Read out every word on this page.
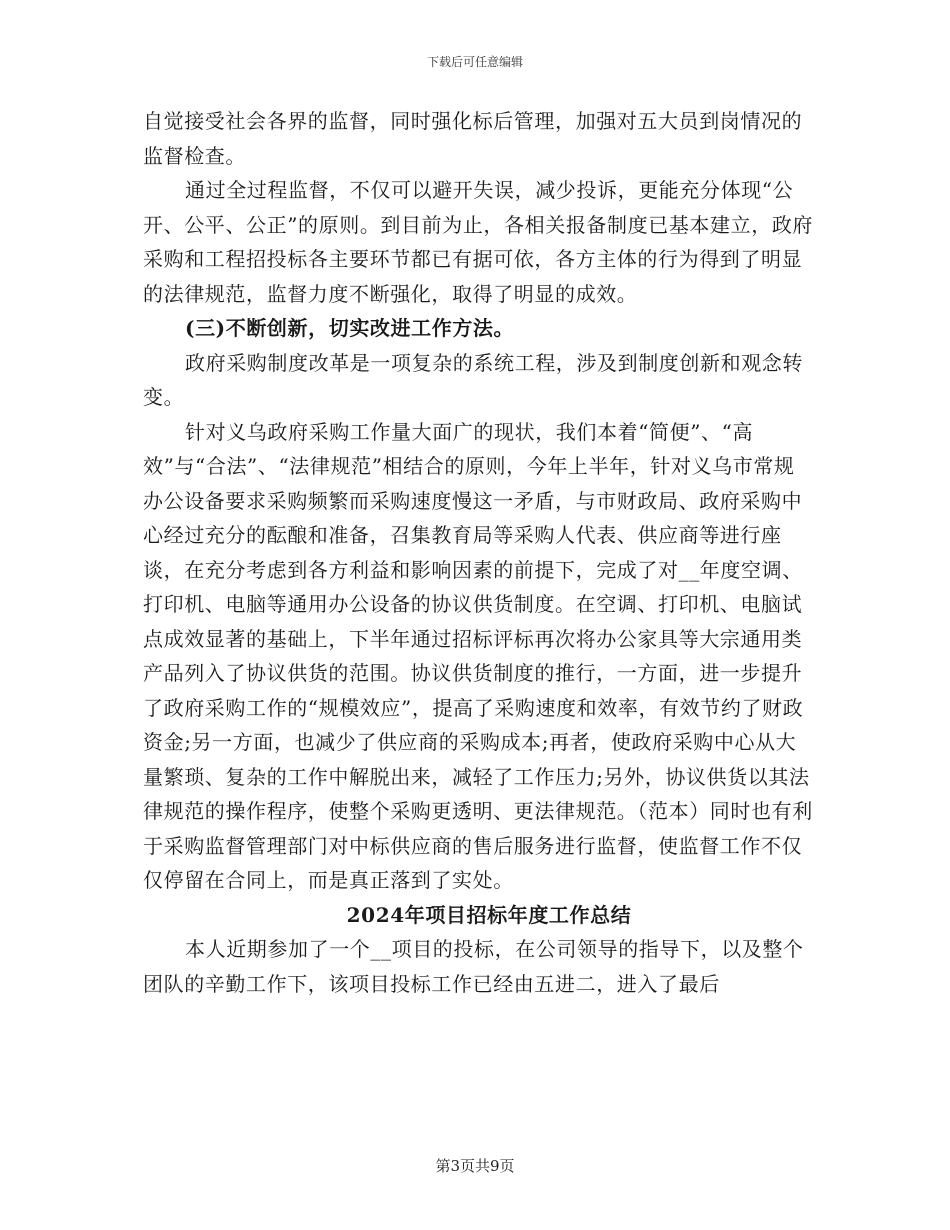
下载后可任意编辑

自觉接受社会各界的监督，同时强化标后管理，加强对五大员到岗情况的监督检查。

通过全过程监督，不仅可以避开失误，减少投诉，更能充分体现“公开、公平、公正”的原则。到目前为止，各相关报备制度已基本建立，政府采购和工程招投标各主要环节都已有据可依，各方主体的行为得到了明显的法律规范，监督力度不断强化，取得了明显的成效。

(三)不断创新，切实改进工作方法。

政府采购制度改革是一项复杂的系统工程，涉及到制度创新和观念转变。

针对义乌政府采购工作量大面广的现状，我们本着“简便”、“高效”与“合法”、“法律规范”相结合的原则，今年上半年，针对义乌市常规办公设备要求采购频繁而采购速度慢这一矛盾，与市财政局、政府采购中心经过充分的酝酿和准备，召集教育局等采购人代表、供应商等进行座谈，在充分考虑到各方利益和影响因素的前提下，完成了对__年度空调、打印机、电脑等通用办公设备的协议供货制度。在空调、打印机、电脑试点成效显著的基础上，下半年通过招标评标再次将办公家具等大宗通用类产品列入了协议供货的范围。协议供货制度的推行，一方面，进一步提升了政府采购工作的“规模效应”，提高了采购速度和效率，有效节约了财政资金;另一方面，也减少了供应商的采购成本;再者，使政府采购中心从大量繁琐、复杂的工作中解脱出来，减轻了工作压力;另外，协议供货以其法律规范的操作程序，使整个采购更透明、更法律规范。（范本）同时也有利于采购监督管理部门对中标供应商的售后服务进行监督，使监督工作不仅仅停留在合同上，而是真正落到了实处。

2024年项目招标年度工作总结

本人近期参加了一个__项目的投标，在公司领导的指导下，以及整个团队的辛勤工作下，该项目投标工作已经由五进二，进入了最后

第3页共9页
